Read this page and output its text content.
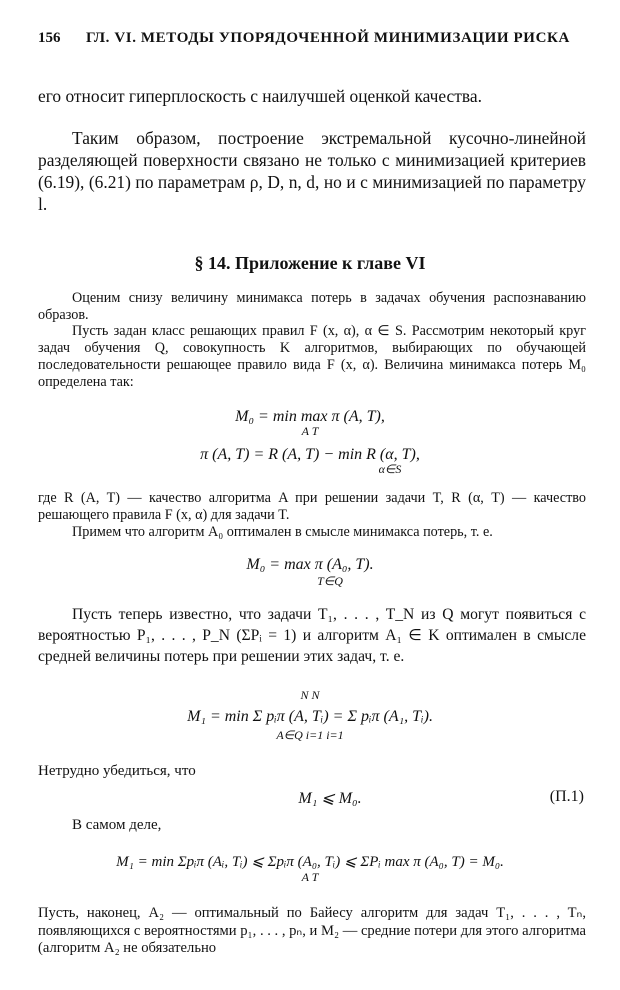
156 ГЛ. VI. МЕТОДЫ УПОРЯДОЧЕННОЙ МИНИМИЗАЦИИ РИСКА
его относит гиперплоскость с наилучшей оценкой качества.
Таким образом, построение экстремальной кусочно-линейной разделяющей поверхности связано не только с минимизацией критериев (6.19), (6.21) по параметрам ρ, D, n, d, но и с минимизацией по параметру l.
§ 14. Приложение к главе VI
Оценим снизу величину минимакса потерь в задачах обучения распознаванию образов.
Пусть задан класс решающих правил F (x, α), α ∈ S. Рассмотрим некоторый круг задач обучения Q, совокупность K алгоритмов, выбирающих по обучающей последовательности решающее правило вида F (x, α). Величина минимакса потерь M₀ определена так:
M₀ = min max π (A, T),
A T
π (A, T) = R (A, T) − min R (α, T),
α∈S
где R (A, T) — качество алгоритма A при решении задачи T, R (α, T) — качество решающего правила F (x, α) для задачи T.
Примем что алгоритм A₀ оптимален в смысле минимакса потерь, т. е.
M₀ = max π (A₀, T).
T∈Q
Пусть теперь известно, что задачи T₁, . . . , T_N из Q могут появиться с вероятностью P₁, . . . , P_N (ΣPᵢ = 1) и алгоритм A₁ ∈ K оптимален в смысле средней величины потерь при решении этих задач, т. е.
N N
M₁ = min Σ pᵢπ (A, Tᵢ) = Σ pᵢπ (A₁, Tᵢ).
A∈Q i=1 i=1
Нетрудно убедиться, что
M₁ ⩽ M₀.	(П.1)
В самом деле,
M₁ = min Σpᵢπ (Aᵢ, Tᵢ) ⩽ Σpᵢπ (A₀, Tᵢ) ⩽ ΣPᵢ max π (A₀, T) = M₀.
A T
Пусть, наконец, A₂ — оптимальный по Байесу алгоритм для задач T₁, . . . , Tₙ, появляющихся с вероятностями p₁, . . . , pₙ, и M₂ — средние потери для этого алгоритма (алгоритм A₂ не обязательно
